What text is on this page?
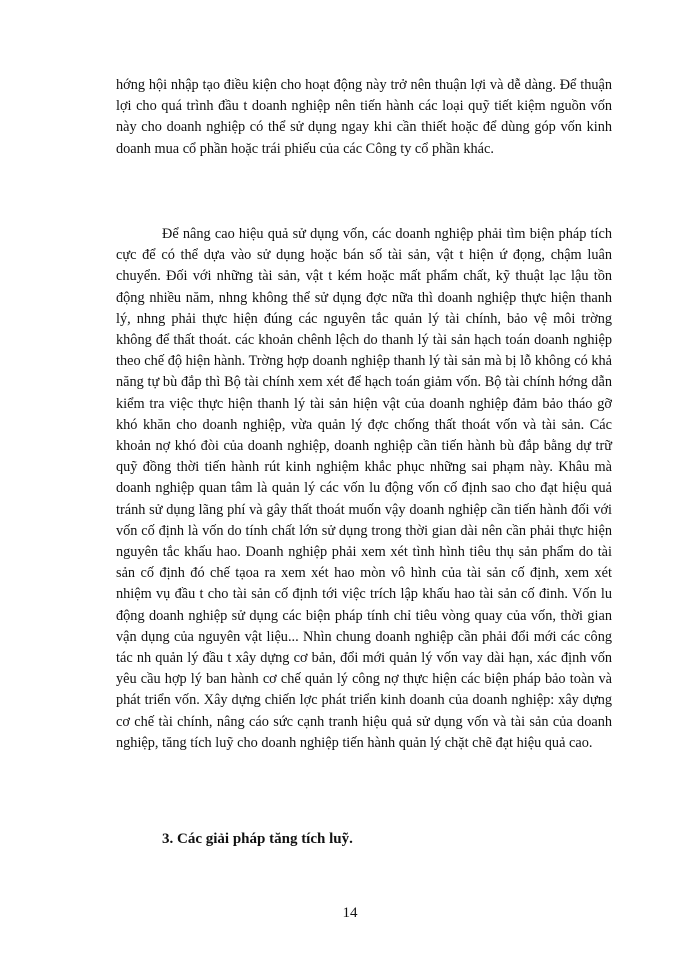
hớng hội nhập tạo điều kiện cho hoạt động này trở nên thuận lợi và dễ dàng. Để thuận lợi cho quá trình đầu t doanh nghiệp nên tiến hành các loại quỹ tiết kiệm nguồn vốn này cho doanh nghiệp có thể sử dụng ngay khi cần thiết hoặc để dùng góp vốn kinh doanh mua cổ phần hoặc trái phiếu của các Công ty cổ phần khác.

Để nâng cao hiệu quả sử dụng vốn, các doanh nghiệp phải tìm biện pháp tích cực để có thể dựa vào sử dụng hoặc bán số tài sản, vật t hiện ứ đọng, chậm luân chuyển. Đối với những tài sản, vật t kém hoặc mất phẩm chất, kỹ thuật lạc lậu tồn động nhiều năm, nhng không thể sử dụng đợc nữa thì doanh nghiệp thực hiện thanh lý, nhng phải thực hiện đúng các nguyên tắc quản lý tài chính, bảo vệ môi trờng không để thất thoát. các khoản chênh lệch do thanh lý tài sản hạch toán doanh nghiệp theo chế độ hiện hành. Trờng hợp doanh nghiệp thanh lý tài sản mà bị lỗ không có khả năng tự bù đắp thì Bộ tài chính xem xét để hạch toán giảm vốn. Bộ tài chính hớng dẫn kiểm tra việc thực hiện thanh lý tài sản hiện vật của doanh nghiệp đảm bảo tháo gỡ khó khăn cho doanh nghiệp, vừa quản lý đợc chống thất thoát vốn và tài sản. Các khoản nợ khó đòi của doanh nghiệp, doanh nghiệp cần tiến hành bù đắp bằng dự trữ quỹ đồng thời tiến hành rút kinh nghiệm khắc phục những sai phạm này. Khâu mà doanh nghiệp quan tâm là quản lý các vốn lu động vốn cố định sao cho đạt hiệu quả tránh sử dụng lãng phí và gây thất thoát muốn vậy doanh nghiệp cần tiến hành đối với vốn cố định là vốn do tính chất lớn sử dụng trong thời gian dài nên cần phải thực hiện nguyên tắc khấu hao. Doanh nghiệp phải xem xét tình hình tiêu thụ sản phẩm do tài sản cố định đó chế tạoa ra xem xét hao mòn vô hình của tài sản cố định, xem xét nhiệm vụ đầu t cho tài sản cố định tới việc trích lập khấu hao tài sản cố đinh. Vốn lu động doanh nghiệp sử dụng các biện pháp tính chỉ tiêu vòng quay của vốn, thời gian vận dụng của nguyên vật liệu... Nhìn chung doanh nghiệp cần phải đổi mới các công tác nh quản lý đầu t xây dựng cơ bản, đổi mới quản lý vốn vay dài hạn, xác định vốn yêu cầu hợp lý ban hành cơ chế quản lý công nợ thực hiện các biện pháp bảo toàn và phát triển vốn. Xây dựng chiến lợc phát triển kinh doanh của doanh nghiệp: xây dựng cơ chế tài chính, nâng cáo sức cạnh tranh hiệu quả sử dụng vốn và tài sản của doanh nghiệp, tăng tích luỹ cho doanh nghiệp tiến hành quản lý chặt chẽ đạt hiệu quả cao.

3. Các giải pháp tăng tích luỹ.

14
